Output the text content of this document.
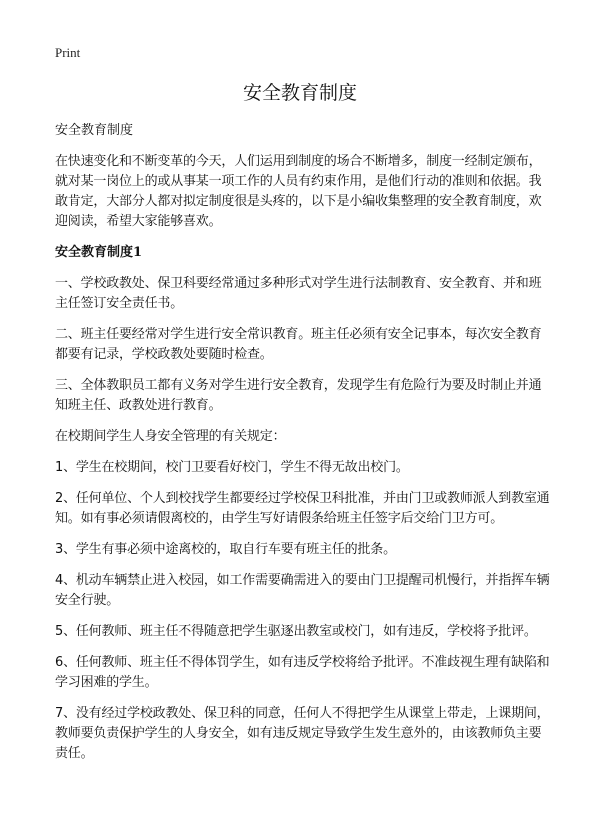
Print
安全教育制度

安全教育制度

在快速变化和不断变革的今天，人们运用到制度的场合不断增多，制度一经制定颁布，就对某一岗位上的或从事某一项工作的人员有约束作用，是他们行动的准则和依据。我敢肯定，大部分人都对拟定制度很是头疼的，以下是小编收集整理的安全教育制度，欢迎阅读，希望大家能够喜欢。

安全教育制度1

一、学校政教处、保卫科要经常通过多种形式对学生进行法制教育、安全教育、并和班主任签订安全责任书。

二、班主任要经常对学生进行安全常识教育。班主任必须有安全记事本，每次安全教育都要有记录，学校政教处要随时检查。

三、全体教职员工都有义务对学生进行安全教育，发现学生有危险行为要及时制止并通知班主任、政教处进行教育。

在校期间学生人身安全管理的有关规定：

1、学生在校期间，校门卫要看好校门，学生不得无故出校门。

2、任何单位、个人到校找学生都要经过学校保卫科批准，并由门卫或教师派人到教室通知。如有事必须请假离校的，由学生写好请假条给班主任签字后交给门卫方可。

3、学生有事必须中途离校的，取自行车要有班主任的批条。

4、机动车辆禁止进入校园，如工作需要确需进入的要由门卫提醒司机慢行，并指挥车辆安全行驶。

5、任何教师、班主任不得随意把学生驱逐出教室或校门，如有违反，学校将予批评。

6、任何教师、班主任不得体罚学生，如有违反学校将给予批评。不准歧视生理有缺陷和学习困难的学生。

7、没有经过学校政教处、保卫科的同意，任何人不得把学生从课堂上带走，上课期间，教师要负责保护学生的人身安全，如有违反规定导致学生发生意外的，由该教师负主要责任。
